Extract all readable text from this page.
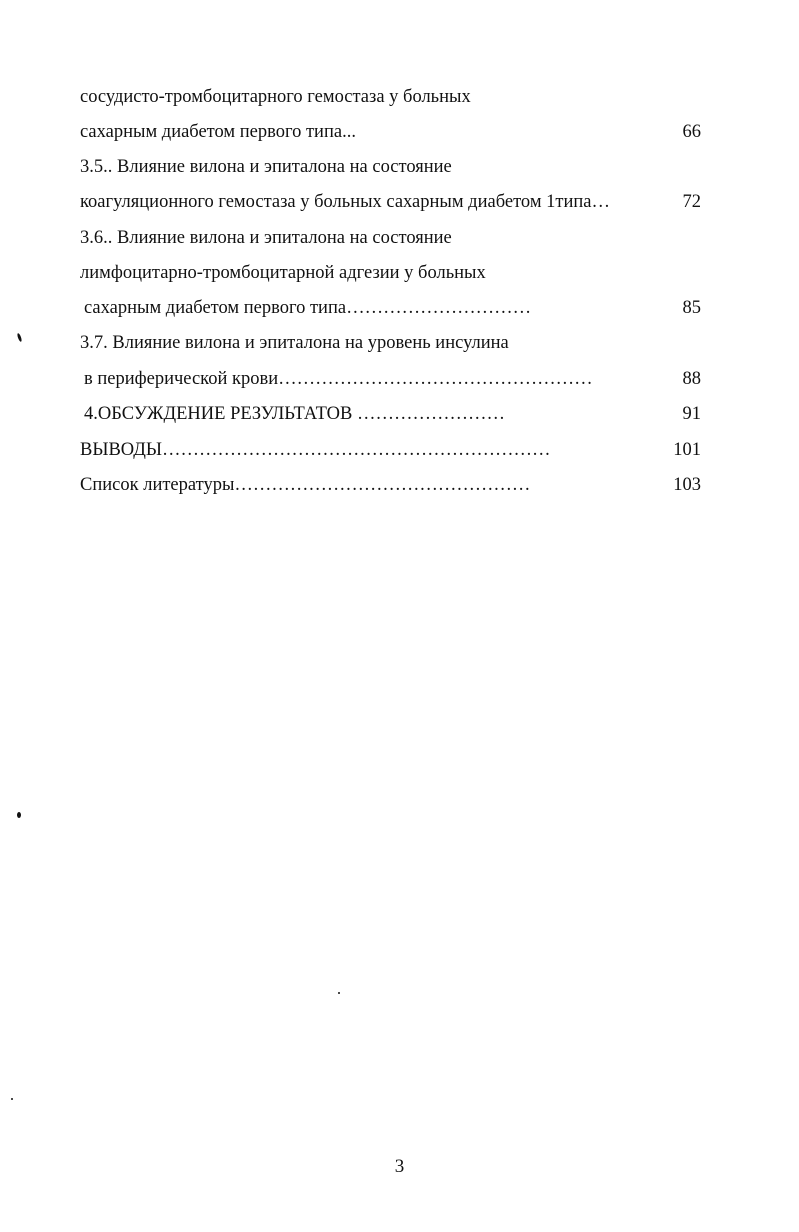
сосудисто-тромбоцитарного гемостаза у больных
сахарным диабетом первого типа...	66
3.5.. Влияние вилона и эпиталона на состояние
коагуляционного гемостаза у больных сахарным диабетом 1типа…	72
3.6.. Влияние вилона и эпиталона на состояние
лимфоцитарно-тромбоцитарной адгезии у больных
сахарным диабетом первого типа…………………………	85
3.7. Влияние вилона и эпиталона на уровень инсулина
в периферической крови……………………………………………	88
4.ОБСУЖДЕНИЕ РЕЗУЛЬТАТОВ ……………………	91
ВЫВОДЫ………………………………………………………	101
Список литературы…………………………………………	103
3
